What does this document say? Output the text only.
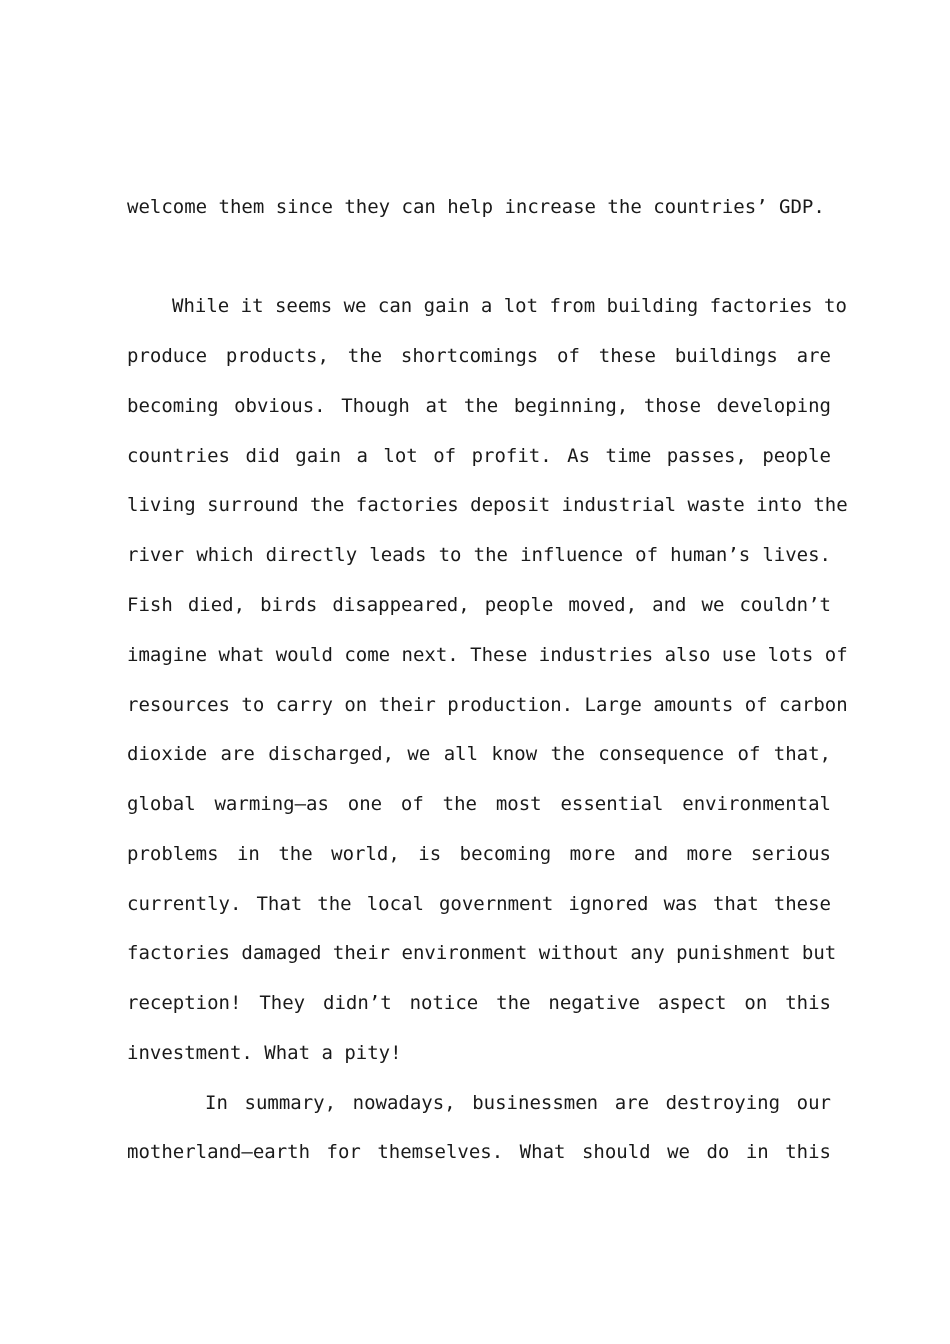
welcome them since they can help increase the countries’ GDP.
While it seems we can gain a lot from building factories to
produce products, the shortcomings of these buildings are
becoming obvious. Though at the beginning, those developing
countries did gain a lot of profit. As time passes, people
living surround the factories deposit industrial waste into the
river which directly leads to the influence of human’s lives.
Fish died, birds disappeared, people moved, and we couldn’t
imagine what would come next. These industries also use lots of
resources to carry on their production. Large amounts of carbon
dioxide are discharged, we all know the consequence of that,
global warming—as one of the most essential environmental
problems in the world, is becoming more and more serious
currently. That the local government ignored was that these
factories damaged their environment without any punishment but
reception! They didn’t notice the negative aspect on this
investment. What a pity!
In summary, nowadays, businessmen are destroying our
motherland—earth for themselves. What should we do in this
